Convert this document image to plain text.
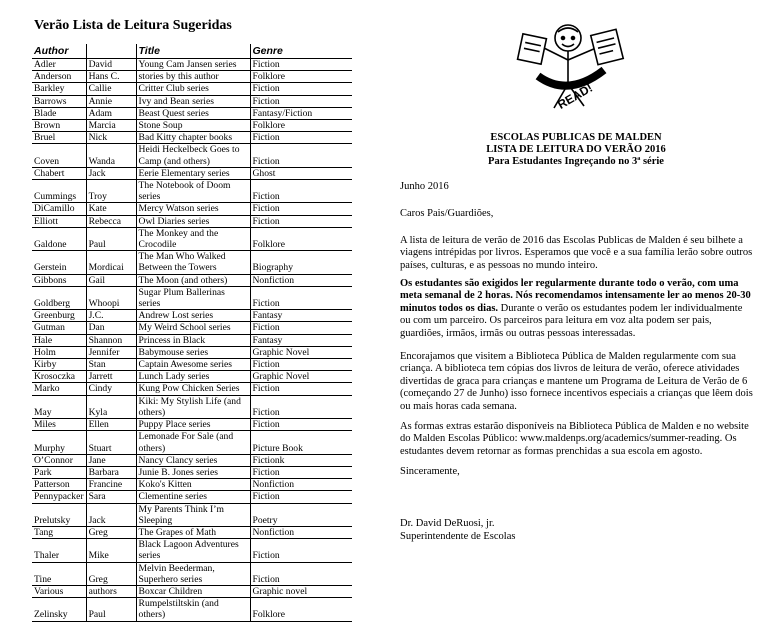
Verão Lista de Leitura Sugeridas
Author		Title	Genre
Adler	David	Young Cam Jansen series	Fiction
Anderson	Hans C.	stories by this author	Folklore
Barkley	Callie	Critter Club series	Fiction
Barrows	Annie	Ivy and Bean series	Fiction
Blade	Adam	Beast Quest series	Fantasy/Fiction
Brown	Marcia	Stone Soup	Folklore
Bruel	Nick	Bad Kitty chapter books	Fiction
Coven	Wanda	Heidi Heckelbeck Goes to Camp (and others)	Fiction
Chabert	Jack	Eerie Elementary series	Ghost
Cummings	Troy	The Notebook of Doom series	Fiction
DiCamillo	Kate	Mercy Watson series	Fiction
Elliott	Rebecca	Owl Diaries series	Fiction
Galdone	Paul	The Monkey and the Crocodile	Folklore
Gerstein	Mordicai	The Man Who Walked Between the Towers	Biography
Gibbons	Gail	The Moon (and others)	Nonfiction
Goldberg	Whoopi	Sugar Plum Ballerinas series	Fiction
Greenburg	J.C.	Andrew Lost series	Fantasy
Gutman	Dan	My Weird School series	Fiction
Hale	Shannon	Princess in Black	Fantasy
Holm	Jennifer	Babymouse series	Graphic Novel
Kirby	Stan	Captain Awesome series	Fiction
Krosoczka	Jarrett	Lunch Lady series	Graphic Novel
Marko	Cindy	Kung Pow Chicken Series	Fiction
May	Kyla	Kiki: My Stylish Life (and others)	Fiction
Miles	Ellen	Puppy Place series	Fiction
Murphy	Stuart	Lemonade For Sale (and others)	Picture Book
O’Connor	Jane	Nancy Clancy series	Fictionk
Park	Barbara	Junie B. Jones series	Fiction
Patterson	Francine	Koko's Kitten	Nonfiction
Pennypacker	Sara	Clementine series	Fiction
Prelutsky	Jack	My Parents Think I’m Sleeping	Poetry
Tang	Greg	The Grapes of Math	Nonfiction
Thaler	Mike	Black Lagoon Adventures series	Fiction
Tine	Greg	Melvin Beederman, Superhero series	Fiction
Various	authors	Boxcar Children	Graphic novel
Zelinsky	Paul	Rumpelstiltskin (and others)	Folklore
READ!
ESCOLAS PUBLICAS DE MALDEN
LISTA DE LEITURA DO VERÃO 2016
Para Estudantes Ingreçando no 3ª série
Junho 2016
Caros Pais/Guardiões,
A lista de leitura de verão de 2016 das Escolas Publicas de Malden é seu bilhete a viagens intrépidas por livros. Esperamos que você e a sua família lerão sobre outros países, culturas, e as pessoas no mundo inteiro.
Os estudantes são exigidos ler regularmente durante todo o verão, com uma meta semanal de 2 horas. Nós recomendamos intensamente ler ao menos 20-30 minutos todos os dias. Durante o verão os estudantes podem ler individualmente ou com um parceiro. Os parceiros para leitura em voz alta podem ser pais, guardiões, irmãos, irmãs ou outras pessoas interessadas.
Encorajamos que visitem a Biblioteca Pública de Malden regularmente com sua criança. A biblioteca tem cópias dos livros de leitura de verão, oferece atividades divertidas de graca para crianças e mantene um Programa de Leitura de Verão de 6 (começando 27 de Junho) isso fornece incentivos especiais a crianças que lêem dois ou mais horas cada semana.
As formas extras estarão disponíveis na Biblioteca Pública de Malden e no website do Malden Escolas Público: www.maldenps.org/academics/summer-reading. Os estudantes devem retornar as formas prenchidas a sua escola em agosto.
Sinceramente,
Dr. David DeRuosi, jr.
Superintendente de Escolas
